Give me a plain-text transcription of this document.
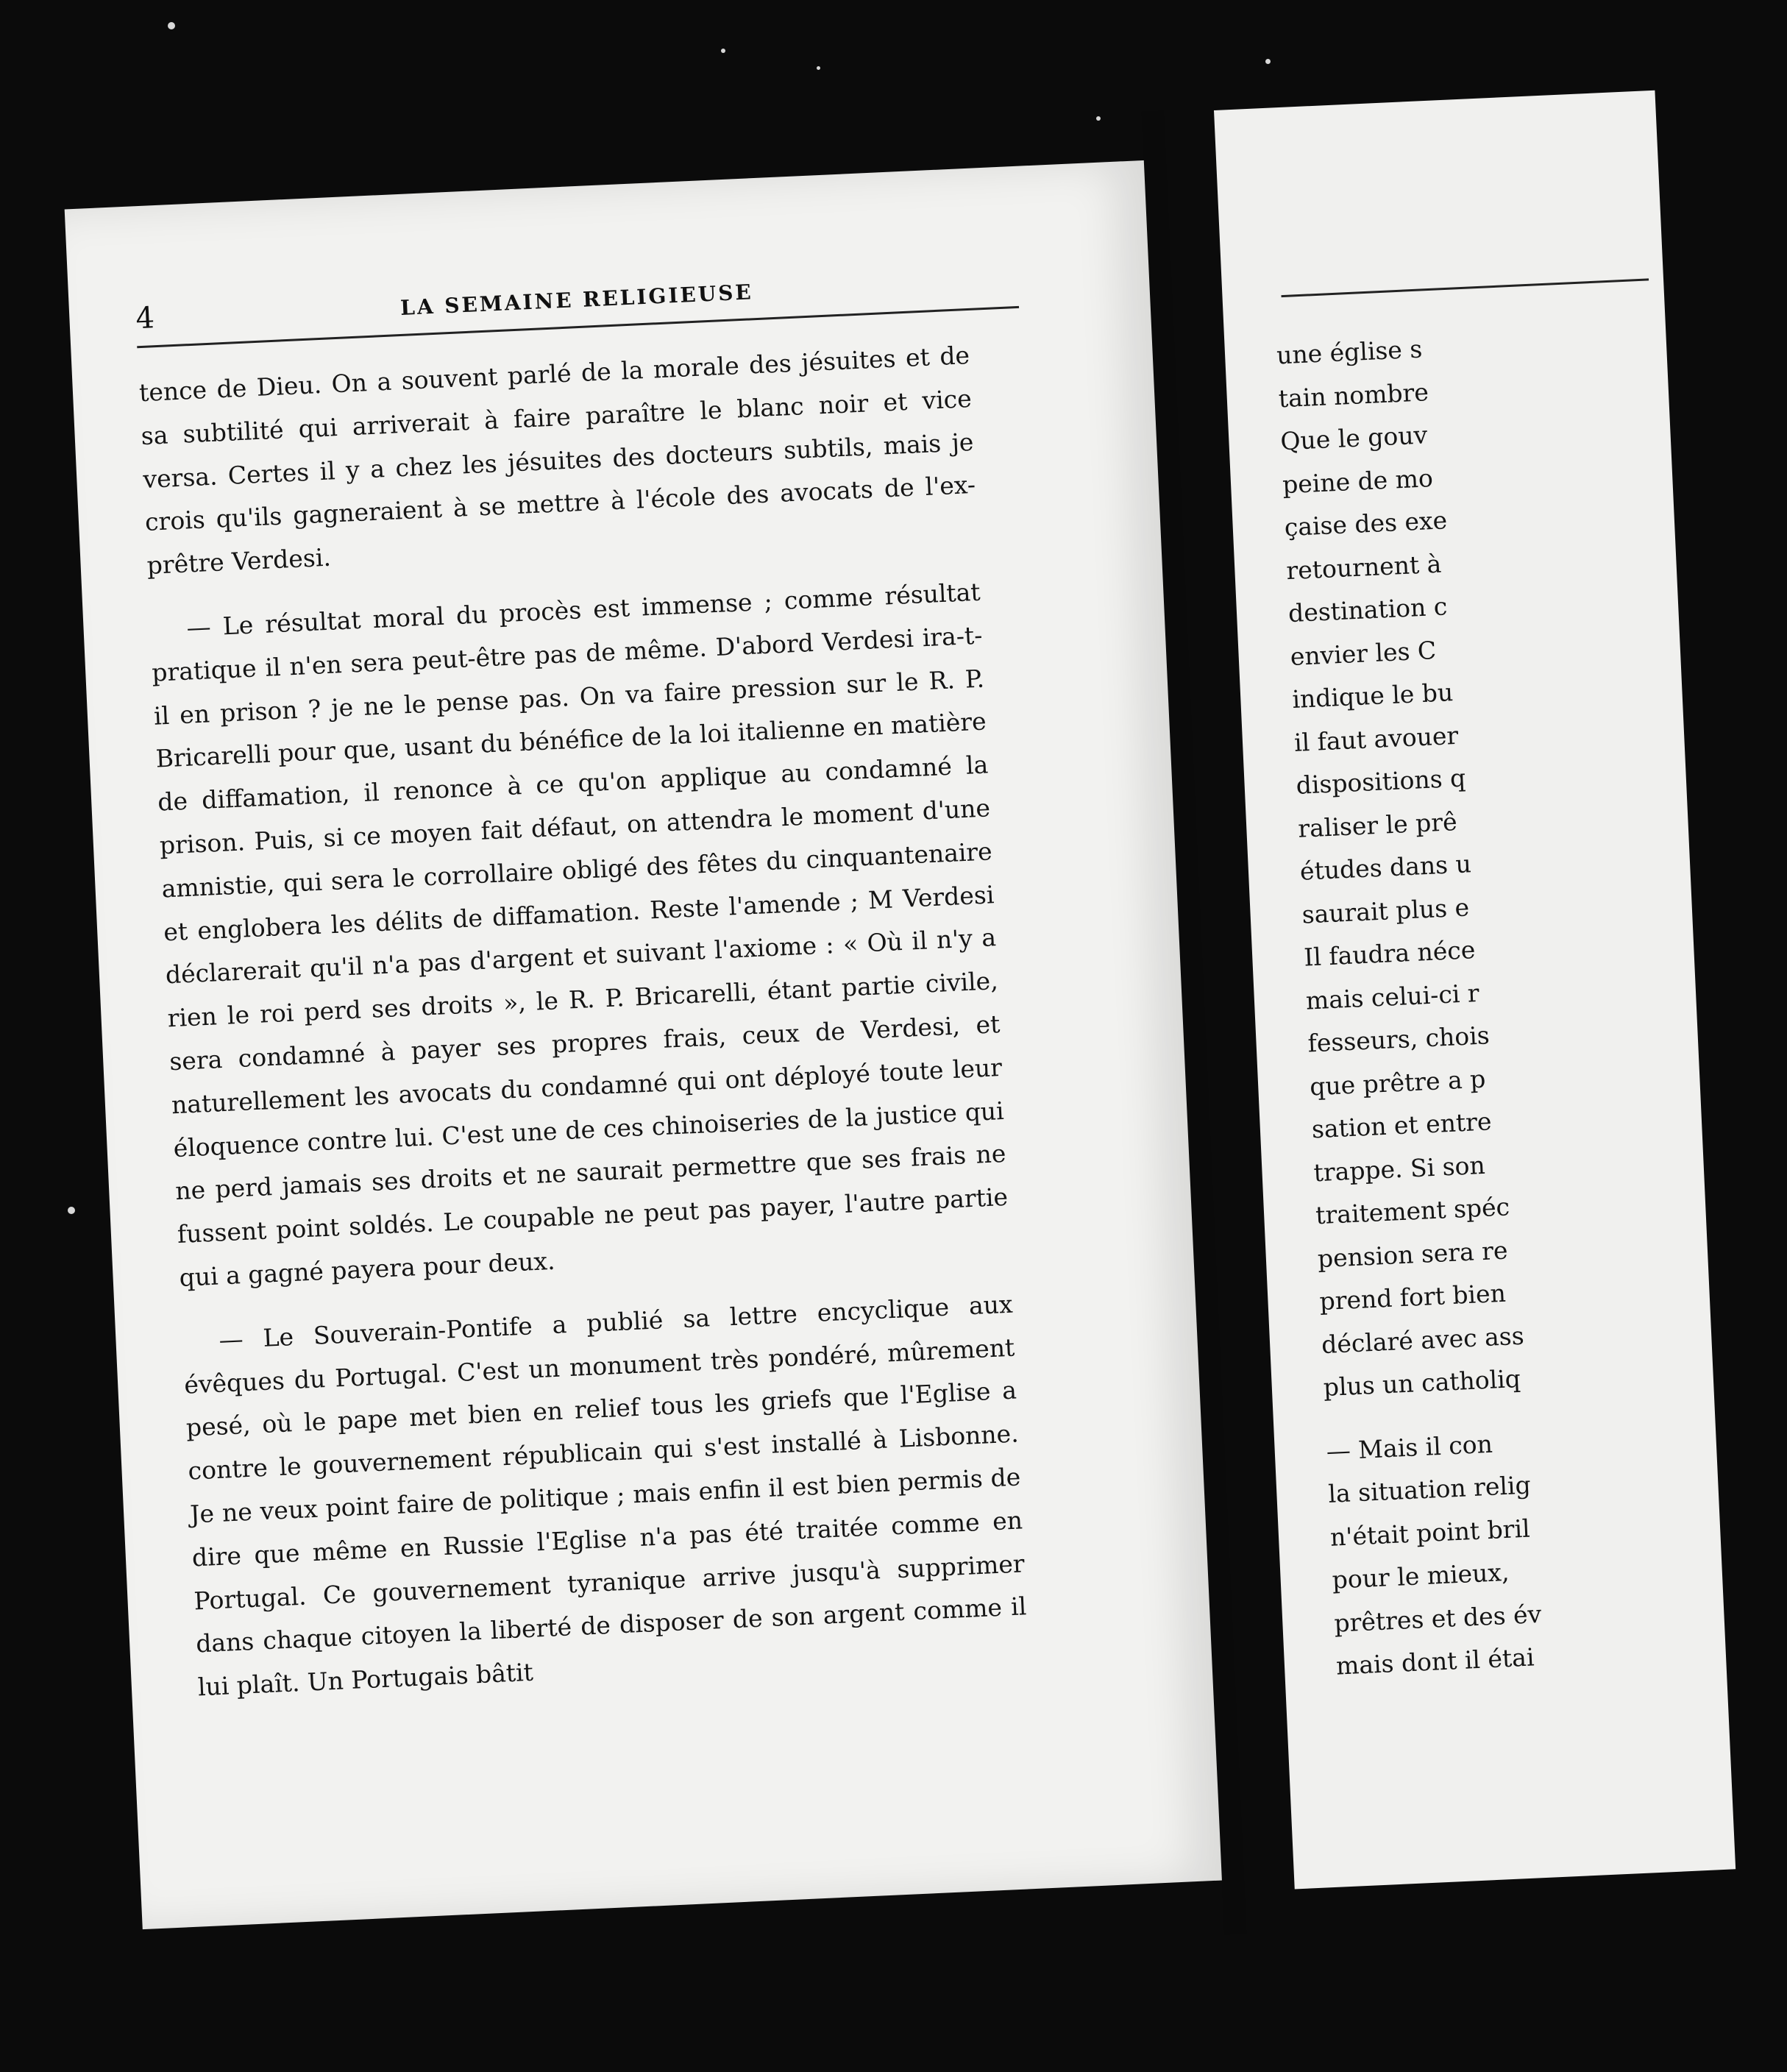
4	LA SEMAINE RELIGIEUSE

tence de Dieu. On a souvent parlé de la morale des jésuites et de sa subtilité qui arriverait à faire paraître le blanc noir et vice versa. Certes il y a chez les jésuites des docteurs subtils, mais je crois qu'ils gagneraient à se mettre à l'école des avocats de l'ex-prêtre Verdesi.

— Le résultat moral du procès est immense ; comme résultat pratique il n'en sera peut-être pas de même. D'abord Verdesi ira-t-il en prison ? je ne le pense pas. On va faire pression sur le R. P. Bricarelli pour que, usant du bénéfice de la loi italienne en matière de diffamation, il renonce à ce qu'on applique au condamné la prison. Puis, si ce moyen fait défaut, on attendra le moment d'une amnistie, qui sera le corrollaire obligé des fêtes du cinquantenaire et englobera les délits de diffamation. Reste l'amende ; M Verdesi déclarerait qu'il n'a pas d'argent et suivant l'axiome : « Où il n'y a rien le roi perd ses droits », le R. P. Bricarelli, étant partie civile, sera condamné à payer ses propres frais, ceux de Verdesi, et naturellement les avocats du condamné qui ont déployé toute leur éloquence contre lui. C'est une de ces chinoiseries de la justice qui ne perd jamais ses droits et ne saurait permettre que ses frais ne fussent point soldés. Le coupable ne peut pas payer, l'autre partie qui a gagné payera pour deux.

— Le Souverain-Pontife a publié sa lettre encyclique aux évêques du Portugal. C'est un monument très pondéré, mûrement pesé, où le pape met bien en relief tous les griefs que l'Eglise a contre le gouvernement républicain qui s'est installé à Lisbonne. Je ne veux point faire de politique ; mais enfin il est bien permis de dire que même en Russie l'Eglise n'a pas été traitée comme en Portugal. Ce gouvernement tyranique arrive jusqu'à supprimer dans chaque citoyen la liberté de disposer de son argent comme il lui plaît. Un Portugais bâtit

une église s
tain nombre
Que le gouv
peine de mo
çaise des exe
retournent à
destination c
envier les C
indique le bu
il faut avouer
dispositions q
raliser le prê
études dans u
saurait plus e
Il faudra néce
mais celui-ci r
fesseurs, chois
que prêtre a p
sation et entre
trappe. Si son
traitement spéc
pension sera re
prend fort bien
déclaré avec ass
plus un catholiq
— Mais il con
la situation relig
n'était point bril
pour le mieux,
prêtres et des év
mais dont il étai
